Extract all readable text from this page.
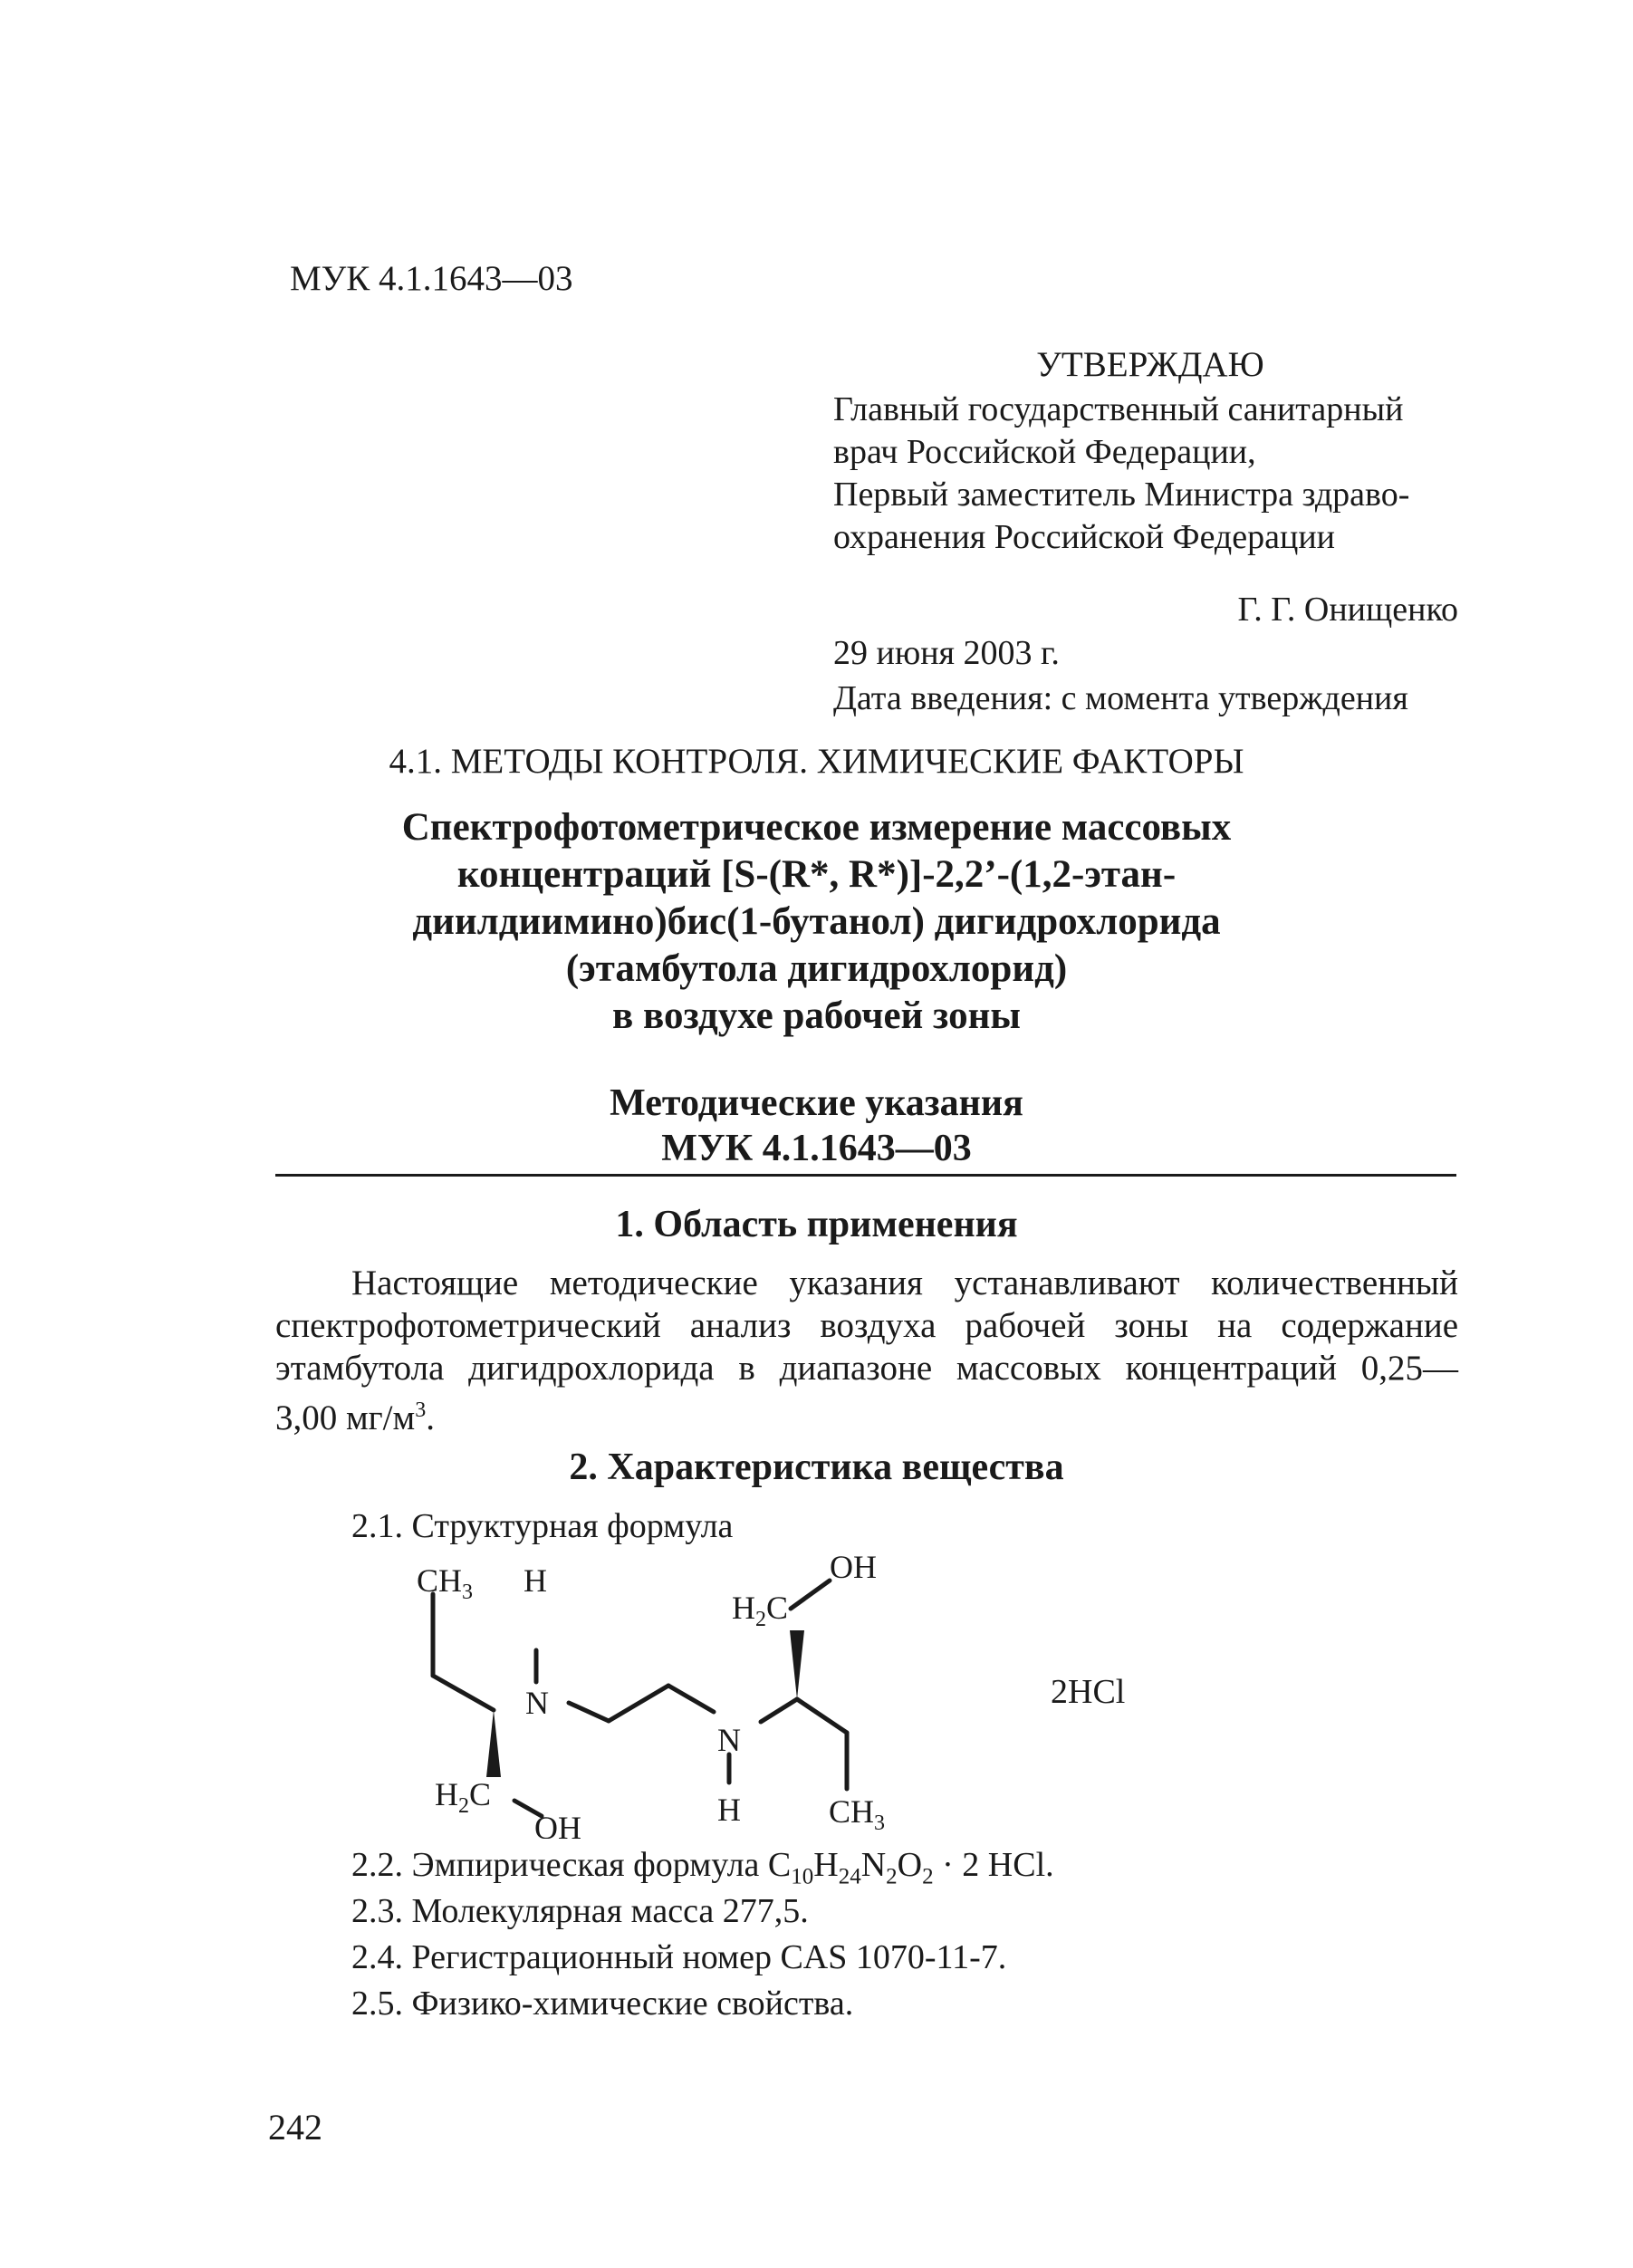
МУК 4.1.1643—03
УТВЕРЖДАЮ
Главный государственный санитарный
врач Российской Федерации,
Первый заместитель Министра здраво-
охранения Российской Федерации
Г. Г. Онищенко
29 июня 2003 г.
Дата введения: с момента утверждения
4.1. МЕТОДЫ КОНТРОЛЯ. ХИМИЧЕСКИЕ ФАКТОРЫ
Спектрофотометрическое измерение массовых
концентраций [S-(R*, R*)]-2,2’-(1,2-этан-
диилдиимино)бис(1-бутанол) дигидрохлорида
(этамбутола дигидрохлорид)
в воздухе рабочей зоны
Методические указания
МУК 4.1.1643—03
1. Область применения
Настоящие методические указания устанавливают количественный
спектрофотометрический анализ воздуха рабочей зоны на содержание
этамбутола дигидрохлорида в диапазоне массовых концентраций 0,25—
3,00 $мг/м^3$.
2. Характеристика вещества
2.1. Структурная формула
$CH_3$ H
N
N
H
$H_2C$
OH
$H_2C$
OH	$CH_3$
2HCl
2.2. Эмпирическая формула $C_{10}H_{24}N_2O_2 \cdot 2$ HCl.
2.3. Молекулярная масса 277,5.
2.4. Регистрационный номер CAS 1070-11-7.
2.5. Физико-химические свойства.
242
